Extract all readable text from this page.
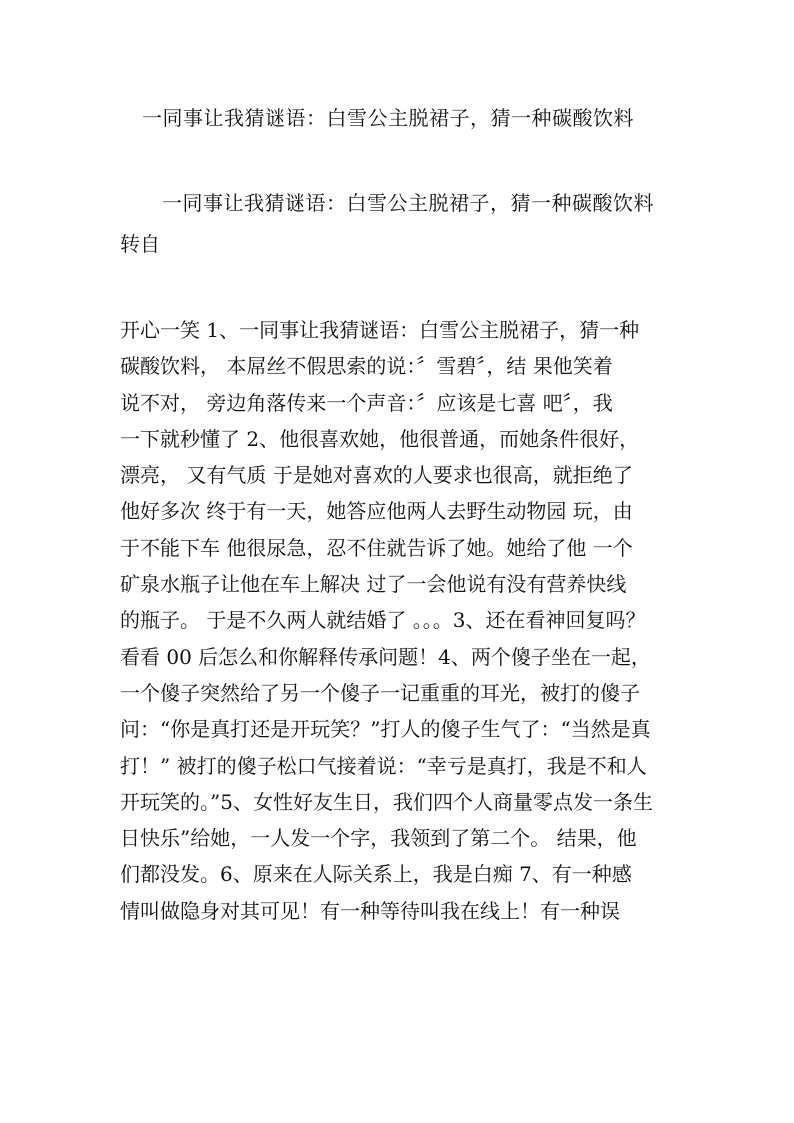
一同事让我猜谜语：白雪公主脱裙子，猜一种碳酸饮料
一同事让我猜谜语：白雪公主脱裙子，猜一种碳酸饮料
转自
开心一笑 1、一同事让我猜谜语：白雪公主脱裙子，猜一种
碳酸饮料， 本屌丝不假思索的说：〞雪碧〞，结 果他笑着
说不对， 旁边角落传来一个声音：〞应该是七喜 吧〞，我
一下就秒懂了 2、他很喜欢她，他很普通，而她条件很好，
漂亮， 又有气质 于是她对喜欢的人要求也很高，就拒绝了
他好多次 终于有一天，她答应他两人去野生动物园 玩，由
于不能下车 他很尿急，忍不住就告诉了她。她给了他 一个
矿泉水瓶子让他在车上解决 过了一会他说有没有营养快线
的瓶子。 于是不久两人就结婚了 。。。3、还在看神回复吗？
看看 00 后怎么和你解释传承问题！4、两个傻子坐在一起，
一个傻子突然给了另一个傻子一记重重的耳光，被打的傻子
问：“你是真打还是开玩笑？”打人的傻子生气了：“当然是真
打！” 被打的傻子松口气接着说：“幸亏是真打，我是不和人
开玩笑的。”5、女性好友生日，我们四个人商量零点发一条生
日快乐”给她，一人发一个字，我领到了第二个。 结果，他
们都没发。6、原来在人际关系上，我是白痴 7、有一种感
情叫做隐身对其可见！有一种等待叫我在线上！有一种误
